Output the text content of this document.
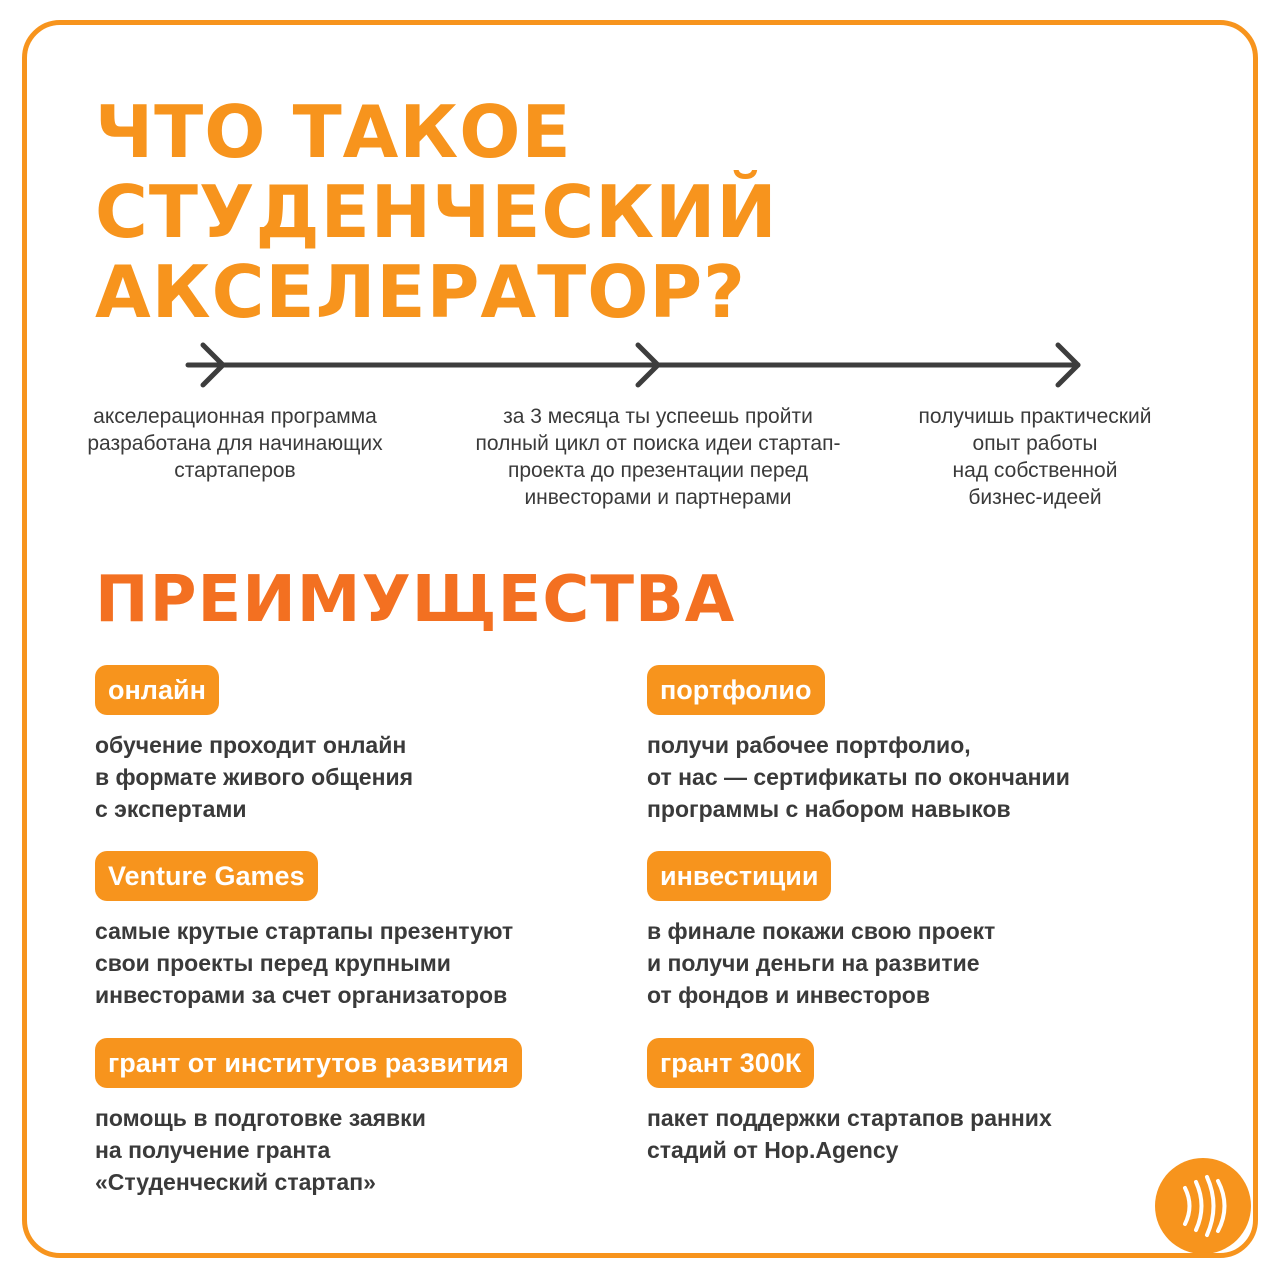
ЧТО ТАКОЕ
СТУДЕНЧЕСКИЙ
АКСЕЛЕРАТОР?
акселерационная программа
разработана для начинающих
стартаперов
за 3 месяца ты успеешь пройти
полный цикл от поиска идеи стартап-
проекта до презентации перед
инвесторами и партнерами
получишь практический
опыт работы
над собственной
бизнес-идеей
ПРЕИМУЩЕСТВА
онлайн
обучение проходит онлайн
в формате живого общения
с экспертами
портфолио
получи рабочее портфолио,
от нас — сертификаты по окончании
программы с набором навыков
Venture Games
самые крутые стартапы презентуют
свои проекты перед крупными
инвесторами за счет организаторов
инвестиции
в финале покажи свою проект
и получи деньги на развитие
от фондов и инвесторов
грант от институтов развития
помощь в подготовке заявки
на получение гранта
«Студенческий стартап»
грант 300К
пакет поддержки стартапов ранних
стадий от Hop.Agency
